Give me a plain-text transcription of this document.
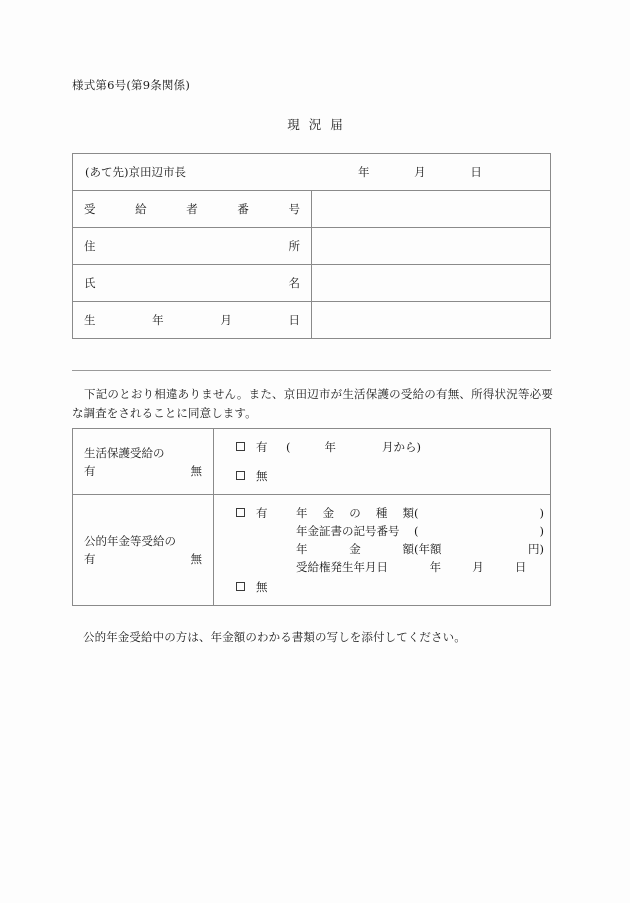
様式第6号(第9条関係)
現況届
(あて先)京田辺市長 年 月 日	

受 給 者 番 号	

住 所	

氏 名	

生 年 月 日	

下記のとおり相違ありません。また、京田辺市が生活保護の受給の有無、所得状況等必要な調査をされることに同意します。
生活保護受給の
有	無

有 (	年	月から)
無

公的年金等受給の
有	無

有	年 金 の 種 類 (	)
年金証書の記号番号	(	)
年	金	額 (年額	円)
受給権発生年月日	年	月	日
無
公的年金受給中の方は、年金額のわかる書類の写しを添付してください。
